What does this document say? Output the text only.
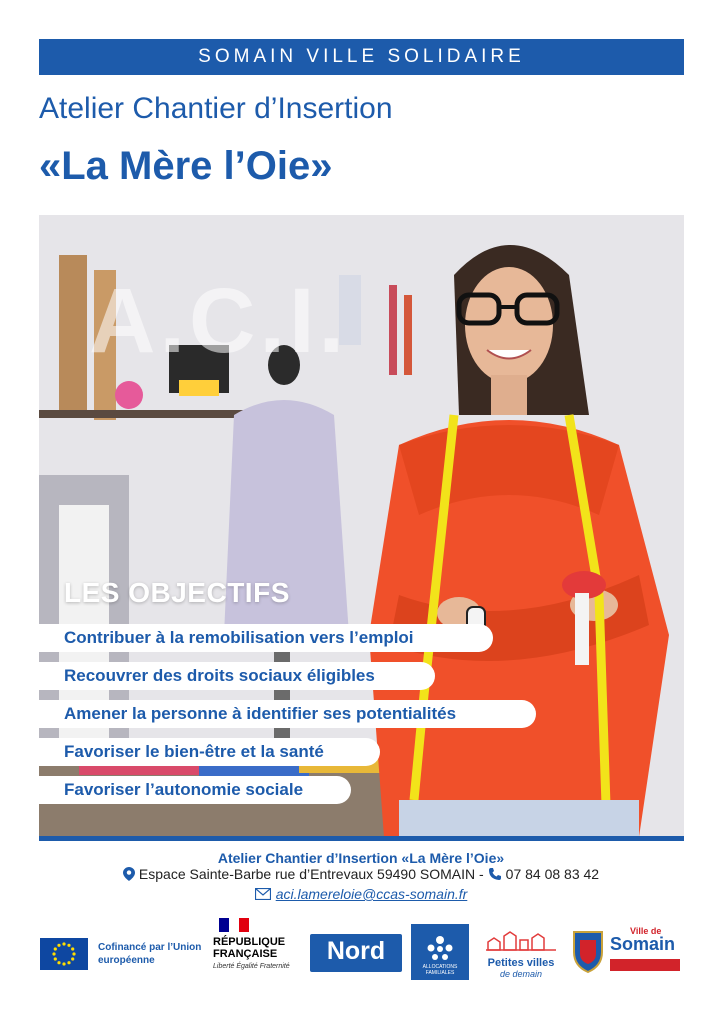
SOMAIN VILLE SOLIDAIRE
Atelier Chantier d’Insertion
«La Mère l’Oie»
A.C.I.
LES OBJECTIFS
Contribuer à la remobilisation vers l’emploi
Recouvrer des droits sociaux éligibles
Amener la personne à identifier ses potentialités
Favoriser le bien-être et la santé
Favoriser l’autonomie sociale
Atelier Chantier d’Insertion «La Mère l’Oie»
Espace Sainte-Barbe rue d’Entrevaux 59490 SOMAIN - 07 84 08 83 42
aci.lamereloie@ccas-somain.fr
Cofinancé par l’Union européenne
RÉPUBLIQUE FRANÇAISE
Liberté Égalité Fraternité
Nord
ALLOCATIONS FAMILIALES
Petites villes
de demain
Ville de
Somain
